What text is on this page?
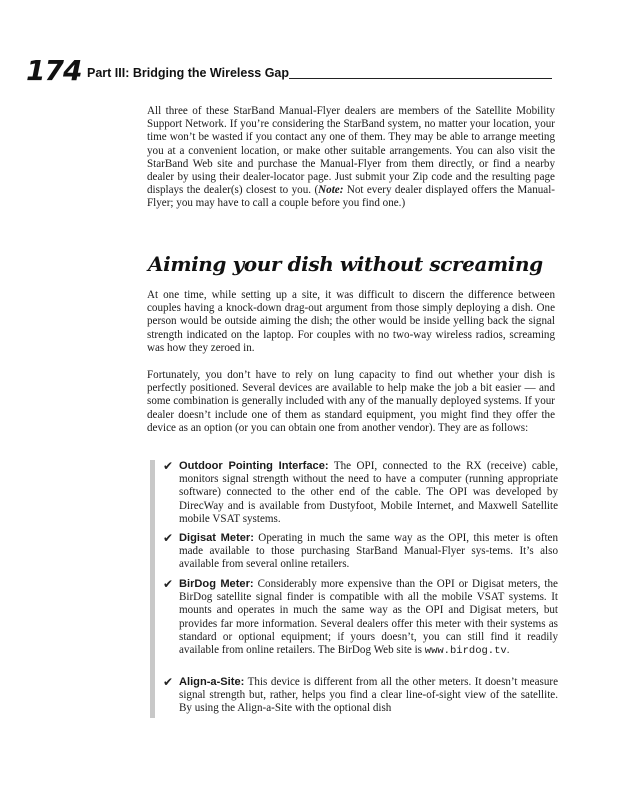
174 Part III: Bridging the Wireless Gap

All three of these StarBand Manual-Flyer dealers are members of the Satellite Mobility Support Network. If you’re considering the StarBand system, no matter your location, your time won’t be wasted if you contact any one of them. They may be able to arrange meeting you at a convenient location, or make other suitable arrangements. You can also visit the StarBand Web site and purchase the Manual-Flyer from them directly, or find a nearby dealer by using their dealer-locator page. Just submit your Zip code and the resulting page displays the dealer(s) closest to you. (Note: Not every dealer displayed offers the Manual-Flyer; you may have to call a couple before you find one.)

Aiming your dish without screaming

At one time, while setting up a site, it was difficult to discern the difference between couples having a knock-down drag-out argument from those simply deploying a dish. One person would be outside aiming the dish; the other would be inside yelling back the signal strength indicated on the laptop. For couples with no two-way wireless radios, screaming was how they zeroed in.

Fortunately, you don’t have to rely on lung capacity to find out whether your dish is perfectly positioned. Several devices are available to help make the job a bit easier — and some combination is generally included with any of the manually deployed systems. If your dealer doesn’t include one of them as standard equipment, you might find they offer the device as an option (or you can obtain one from another vendor). They are as follows:

✔ Outdoor Pointing Interface: The OPI, connected to the RX (receive) cable, monitors signal strength without the need to have a computer (running appropriate software) connected to the other end of the cable. The OPI was developed by DirecWay and is available from Dustyfoot, Mobile Internet, and Maxwell Satellite mobile VSAT systems.

✔ Digisat Meter: Operating in much the same way as the OPI, this meter is often made available to those purchasing StarBand Manual-Flyer sys-tems. It’s also available from several online retailers.

✔ BirDog Meter: Considerably more expensive than the OPI or Digisat meters, the BirDog satellite signal finder is compatible with all the mobile VSAT systems. It mounts and operates in much the same way as the OPI and Digisat meters, but provides far more information. Several dealers offer this meter with their systems as standard or optional equipment; if yours doesn’t, you can still find it readily available from online retailers. The BirDog Web site is www.birdog.tv.

✔ Align-a-Site: This device is different from all the other meters. It doesn’t measure signal strength but, rather, helps you find a clear line-of-sight view of the satellite. By using the Align-a-Site with the optional dish
